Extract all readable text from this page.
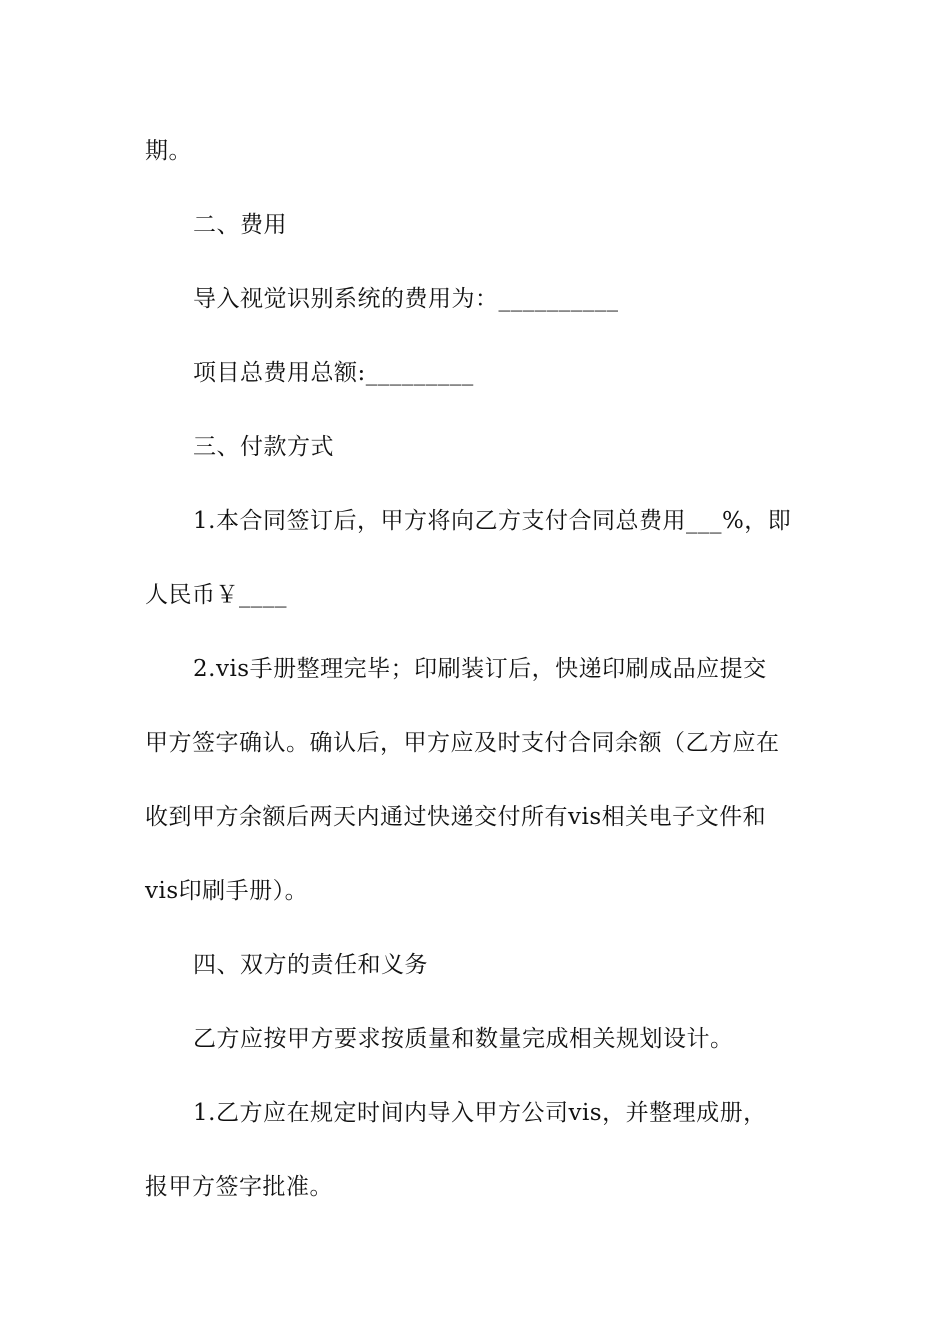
期。
二、费用
导入视觉识别系统的费用为：__________
项目总费用总额:_________
三、付款方式
1.本合同签订后，甲方将向乙方支付合同总费用___%，即
人民币￥____
2.vis手册整理完毕；印刷装订后，快递印刷成品应提交
甲方签字确认。确认后，甲方应及时支付合同余额（乙方应在
收到甲方余额后两天内通过快递交付所有vis相关电子文件和
vis印刷手册）。
四、双方的责任和义务
乙方应按甲方要求按质量和数量完成相关规划设计。
1.乙方应在规定时间内导入甲方公司vis，并整理成册，
报甲方签字批准。
